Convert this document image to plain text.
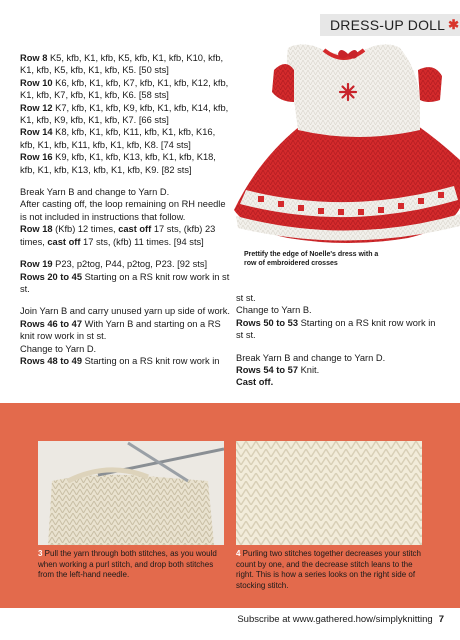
DRESS-UP DOLL ✱

Row 8 K5, kfb, K1, kfb, K5, kfb, K1, kfb, K10, kfb, K1, kfb, K5, kfb, K1, kfb, K5. [50 sts]

Row 10 K6, kfb, K1, kfb, K7, kfb, K1, kfb, K12, kfb, K1, kfb, K7, kfb, K1, kfb, K6. [58 sts]

Row 12 K7, kfb, K1, kfb, K9, kfb, K1, kfb, K14, kfb, K1, kfb, K9, kfb, K1, kfb, K7. [66 sts]

Row 14 K8, kfb, K1, kfb, K11, kfb, K1, kfb, K16, kfb, K1, kfb, K11, kfb, K1, kfb, K8. [74 sts]

Row 16 K9, kfb, K1, kfb, K13, kfb, K1, kfb, K18, kfb, K1, kfb, K13, kfb, K1, kfb, K9. [82 sts]

Break Yarn B and change to Yarn D.

After casting off, the loop remaining on RH needle is not included in instructions that follow.

Row 18 (Kfb) 12 times, cast off 17 sts, (kfb) 23 times, cast off 17 sts, (kfb) 11 times. [94 sts]

Row 19 P23, p2tog, P44, p2tog, P23. [92 sts]

Rows 20 to 45 Starting on a RS knit row work in st st.

Join Yarn B and carry unused yarn up side of work.

Rows 46 to 47 With Yarn B and starting on a RS knit row work in st st.

Change to Yarn D.

Rows 48 to 49 Starting on a RS knit row work in

Prettify the edge of Noelle's dress with a row of embroidered crosses

st st.

Change to Yarn B.
Rows 50 to 53 Starting on a RS knit row work in st st.

Break Yarn B and change to Yarn D.
Rows 54 to 57 Knit.
Cast off.

3 Pull the yarn through both stitches, as you would when working a purl stitch, and drop both stitches from the left-hand needle.
4 Purling two stitches together decreases your stitch count by one, and the decrease stitch leans to the right. This is how a series looks on the right side of stocking stitch.
Subscribe at www.gathered.how/simplyknitting 7
